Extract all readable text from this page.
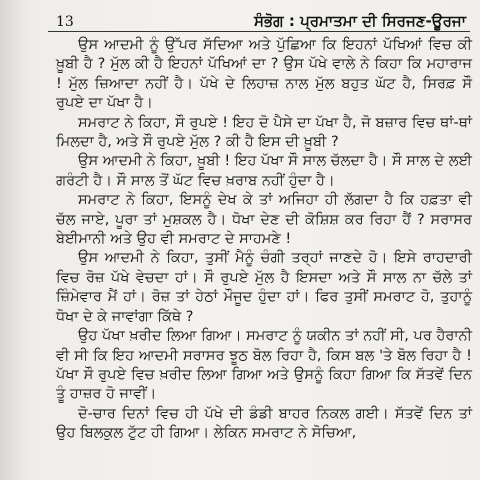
13	ਸੰਭੋਗ : ਪ੍ਰਮਾਤਮਾ ਦੀ ਸਿਰਜਣ-ਊਰਜਾ

ਉਸ ਆਦਮੀ ਨੂੰ ਉੱਪਰ ਸੱਦਿਆ ਅਤੇ ਪੁੱਛਿਆ ਕਿ ਇਹਨਾਂ ਪੱਖਿਆਂ ਵਿਚ ਕੀ ਖ਼ੂਬੀ ਹੈ ? ਮੁੱਲ ਕੀ ਹੈ ਇਹਨਾਂ ਪੱਖਿਆਂ ਦਾ ? ਉਸ ਪੱਖੇ ਵਾਲੇ ਨੇ ਕਿਹਾ ਕਿ ਮਹਾਰਾਜ ! ਮੁੱਲ ਜ਼ਿਆਦਾ ਨਹੀਂ ਹੈ। ਪੱਖੇ ਦੇ ਲਿਹਾਜ਼ ਨਾਲ ਮੁੱਲ ਬਹੁਤ ਘੱਟ ਹੈ, ਸਿਰਫ਼ ਸੌ ਰੁਪਏ ਦਾ ਪੱਖਾ ਹੈ।

ਸਮਰਾਟ ਨੇ ਕਿਹਾ, ਸੌ ਰੁਪਏ ! ਇਹ ਦੋ ਪੈਸੇ ਦਾ ਪੱਖਾ ਹੈ, ਜੋ ਬਜ਼ਾਰ ਵਿਚ ਥਾਂ-ਥਾਂ ਮਿਲਦਾ ਹੈ, ਅਤੇ ਸੌ ਰੁਪਏ ਮੁੱਲ ? ਕੀ ਹੈ ਇਸ ਦੀ ਖ਼ੂਬੀ ?

ਉਸ ਆਦਮੀ ਨੇ ਕਿਹਾ, ਖ਼ੂਬੀ ! ਇਹ ਪੱਖਾ ਸੌ ਸਾਲ ਚੱਲਦਾ ਹੈ। ਸੌ ਸਾਲ ਦੇ ਲਈ ਗਰੰਟੀ ਹੈ। ਸੌ ਸਾਲ ਤੋਂ ਘੱਟ ਵਿਚ ਖ਼ਰਾਬ ਨਹੀਂ ਹੁੰਦਾ ਹੈ।

ਸਮਰਾਟ ਨੇ ਕਿਹਾ, ਇਸਨੂੰ ਦੇਖ ਕੇ ਤਾਂ ਅਜਿਹਾ ਹੀ ਲੱਗਦਾ ਹੈ ਕਿ ਹਫ਼ਤਾ ਵੀ ਚੱਲ ਜਾਏ, ਪੂਰਾ ਤਾਂ ਮੁਸ਼ਕਲ ਹੈ। ਧੋਖਾ ਦੇਣ ਦੀ ਕੋਸ਼ਿਸ਼ ਕਰ ਰਿਹਾ ਹੈਂ ? ਸਰਾਸਰ ਬੇਈਮਾਨੀ ਅਤੇ ਉਹ ਵੀ ਸਮਰਾਟ ਦੇ ਸਾਹਮਣੇ !

ਉਸ ਆਦਮੀ ਨੇ ਕਿਹਾ, ਤੁਸੀਂ ਮੈਨੂੰ ਚੰਗੀ ਤਰ੍ਹਾਂ ਜਾਣਦੇ ਹੋ। ਇਸੇ ਰਾਹਦਾਰੀ ਵਿਚ ਰੋਜ਼ ਪੱਖੇ ਵੇਚਦਾ ਹਾਂ। ਸੌ ਰੁਪਏ ਮੁੱਲ ਹੈ ਇਸਦਾ ਅਤੇ ਸੌ ਸਾਲ ਨਾ ਚੱਲੇ ਤਾਂ ਜ਼ਿੰਮੇਵਾਰ ਮੈਂ ਹਾਂ। ਰੋਜ਼ ਤਾਂ ਹੇਠਾਂ ਮੌਜੂਦ ਹੁੰਦਾ ਹਾਂ। ਫਿਰ ਤੁਸੀਂ ਸਮਰਾਟ ਹੋ, ਤੁਹਾਨੂੰ ਧੋਖਾ ਦੇ ਕੇ ਜਾਵਾਂਗਾ ਕਿੱਥੇ ?

ਉਹ ਪੱਖਾ ਖ਼ਰੀਦ ਲਿਆ ਗਿਆ। ਸਮਰਾਟ ਨੂੰ ਯਕੀਨ ਤਾਂ ਨਹੀਂ ਸੀ, ਪਰ ਹੈਰਾਨੀ ਵੀ ਸੀ ਕਿ ਇਹ ਆਦਮੀ ਸਰਾਸਰ ਝੂਠ ਬੋਲ ਰਿਹਾ ਹੈ, ਕਿਸ ਬਲ 'ਤੇ ਬੋਲ ਰਿਹਾ ਹੈ ! ਪੱਖਾ ਸੌ ਰੁਪਏ ਵਿਚ ਖ਼ਰੀਦ ਲਿਆ ਗਿਆ ਅਤੇ ਉਸਨੂੰ ਕਿਹਾ ਗਿਆ ਕਿ ਸੱਤਵੇਂ ਦਿਨ ਤੂੰ ਹਾਜ਼ਰ ਹੋ ਜਾਵੀਂ।

ਦੋ-ਚਾਰ ਦਿਨਾਂ ਵਿਚ ਹੀ ਪੱਖੇ ਦੀ ਡੰਡੀ ਬਾਹਰ ਨਿਕਲ ਗਈ। ਸੱਤਵੇਂ ਦਿਨ ਤਾਂ ਉਹ ਬਿਲਕੁਲ ਟੁੱਟ ਹੀ ਗਿਆ। ਲੇਕਿਨ ਸਮਰਾਟ ਨੇ ਸੋਚਿਆ,
